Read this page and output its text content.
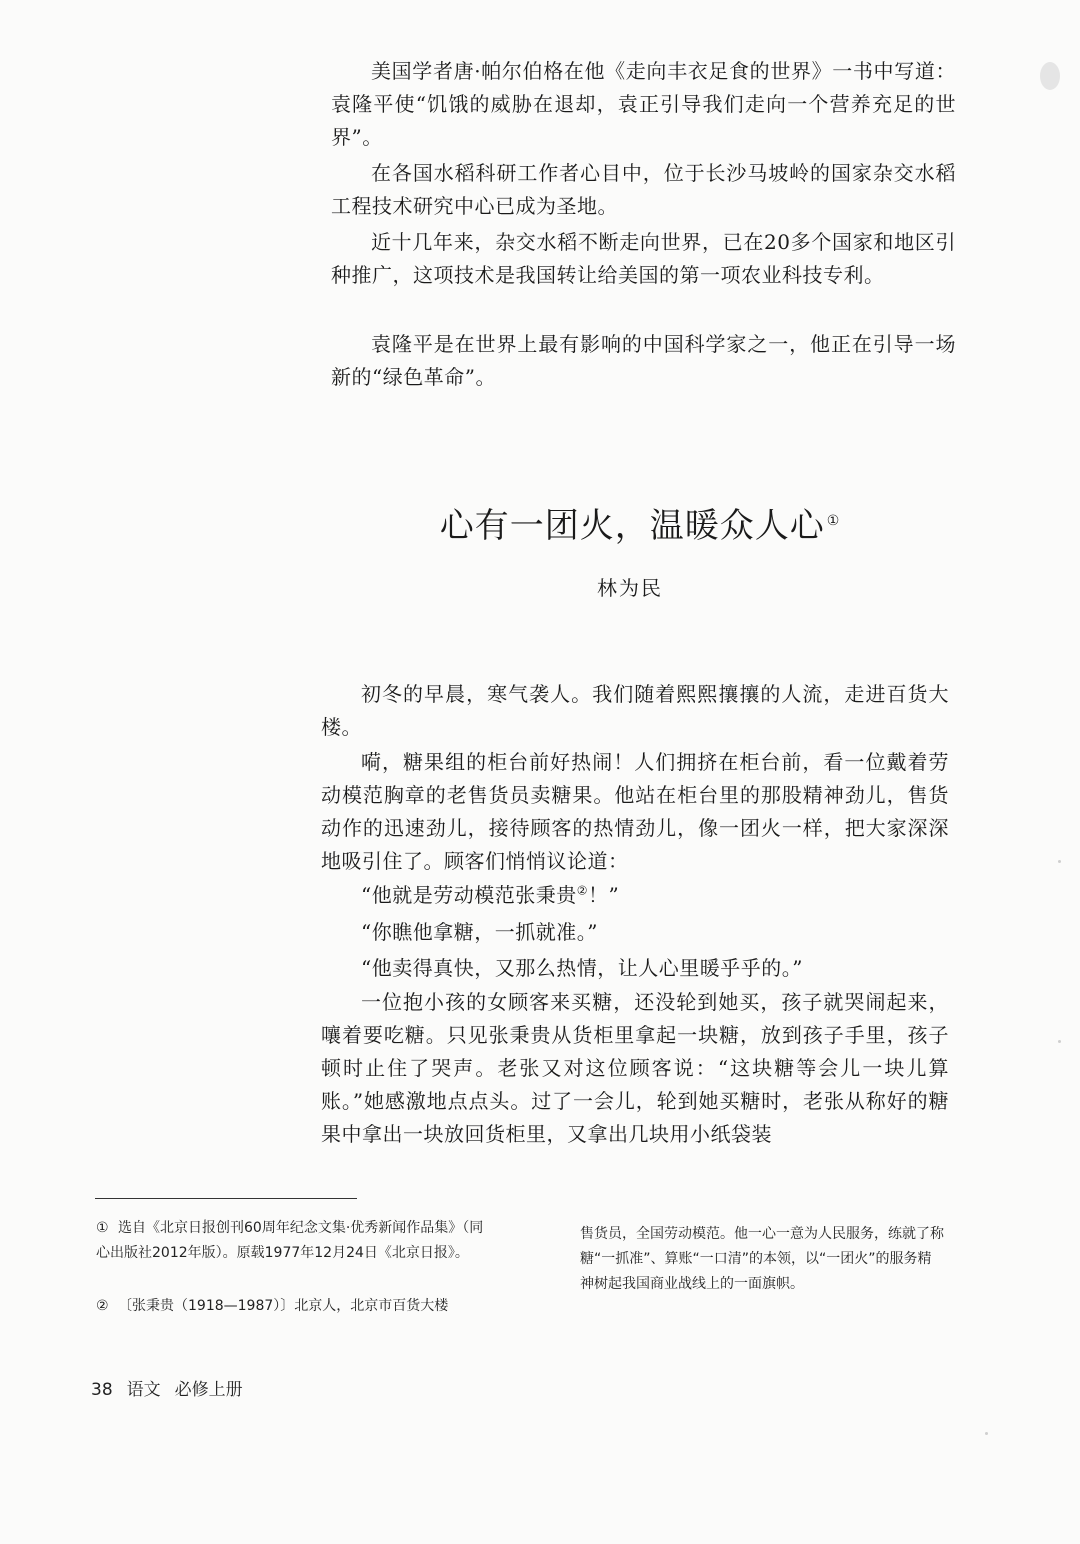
美国学者唐·帕尔伯格在他《走向丰衣足食的世界》一书中写道：袁隆平使“饥饿的威胁在退却，袁正引导我们走向一个营养充足的世界”。

在各国水稻科研工作者心目中，位于长沙马坡岭的国家杂交水稻工程技术研究中心已成为圣地。

近十几年来，杂交水稻不断走向世界，已在20多个国家和地区引种推广，这项技术是我国转让给美国的第一项农业科技专利。

袁隆平是在世界上最有影响的中国科学家之一，他正在引导一场新的“绿色革命”。

心有一团火，温暖众人心 ①
林为民

初冬的早晨，寒气袭人。我们随着熙熙攘攘的人流，走进百货大楼。

嗬，糖果组的柜台前好热闹！人们拥挤在柜台前，看一位戴着劳动模范胸章的老售货员卖糖果。他站在柜台里的那股精神劲儿，售货动作的迅速劲儿，接待顾客的热情劲儿，像一团火一样，把大家深深地吸引住了。顾客们悄悄议论道：

“他就是劳动模范张秉贵②！”

“你瞧他拿糖，一抓就准。”

“他卖得真快，又那么热情，让人心里暖乎乎的。”

一位抱小孩的女顾客来买糖，还没轮到她买，孩子就哭闹起来，嚷着要吃糖。只见张秉贵从货柜里拿起一块糖，放到孩子手里，孩子顿时止住了哭声。老张又对这位顾客说：“这块糖等会儿一块儿算账。”她感激地点点头。过了一会儿，轮到她买糖时，老张从称好的糖果中拿出一块放回货柜里，又拿出几块用小纸袋装

① 选自《北京日报创刊60周年纪念文集·优秀新闻作品集》（同心出版社2012年版）。原载1977年12月24日《北京日报》。
② 〔张秉贵（1918—1987）〕北京人，北京市百货大楼
售货员，全国劳动模范。他一心一意为人民服务，练就了称糖“一抓准”、算账“一口清”的本领，以“一团火”的服务精神树起我国商业战线上的一面旗帜。
38 语文 必修上册
